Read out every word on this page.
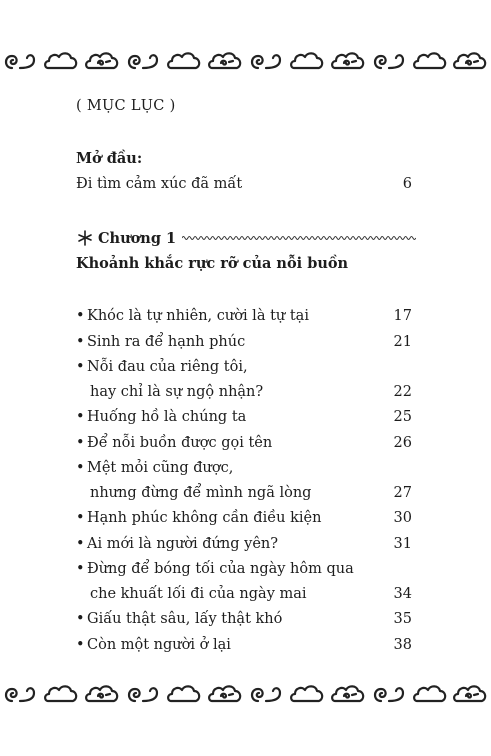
( MỤC LỤC )
Mở đầu:
Đi tìm cảm xúc đã mất	6
Chương 1
Khoảnh khắc rực rỡ của nỗi buồn
• Khóc là tự nhiên, cười là tự tại	17
• Sinh ra để hạnh phúc	21
• Nỗi đau của riêng tôi,
hay chỉ là sự ngộ nhận?	22
• Huống hồ là chúng ta	25
• Để nỗi buồn được gọi tên	26
• Mệt mỏi cũng được,
nhưng đừng để mình ngã lòng	27
• Hạnh phúc không cần điều kiện	30
• Ai mới là người đứng yên?	31
• Đừng để bóng tối của ngày hôm qua
che khuất lối đi của ngày mai	34
• Giấu thật sâu, lấy thật khó	35
• Còn một người ở lại	38
